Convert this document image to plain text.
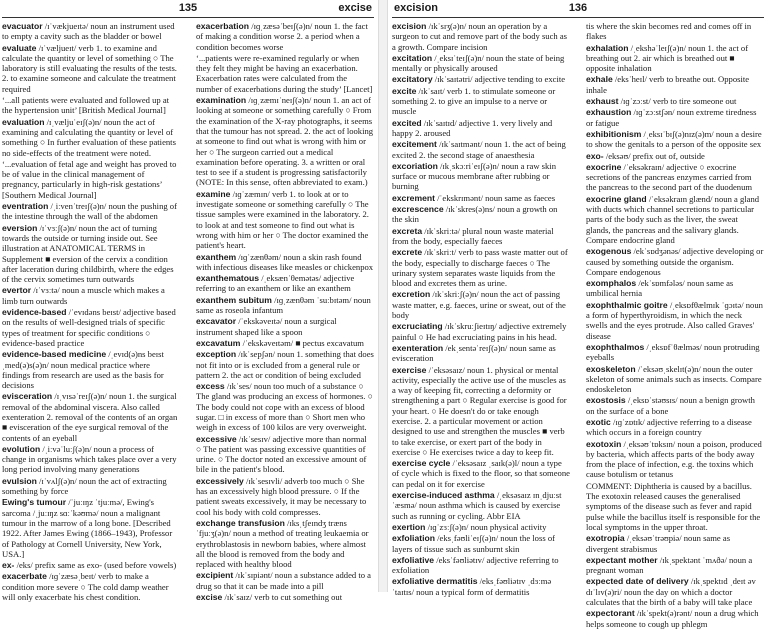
135	excise

evacuator /ɪˈvækjueɪtə/ noun an instrument used to empty a cavity such as the bladder or bowel

evaluate /ɪˈvæljueɪt/ verb 1. to examine and calculate the quantity or level of something ○ The laboratory is still evaluating the results of the tests. 2. to examine someone and calculate the treatment required

‘...all patients were evaluated and followed up at the hypertension unit’ [British Medical Journal]

evaluation /ɪˌvæljuˈeɪʃ(ə)n/ noun the act of examining and calculating the quantity or level of something ○ In further evaluation of these patients no side-effects of the treatment were noted.

‘...evaluation of fetal age and weight has proved to be of value in the clinical management of pregnancy, particularly in high-risk gestations’ [Southern Medical Journal]

eventration /ˌiːvenˈtreɪʃ(ə)n/ noun the pushing of the intestine through the wall of the abdomen

eversion /ɪˈvɜːʃ(ə)n/ noun the act of turning towards the outside or turning inside out. See illustration at ANATOMICAL TERMS in Supplement ■ eversion of the cervix a condition after laceration during childbirth, where the edges of the cervix sometimes turn outwards

evertor /ɪˈvɜːtə/ noun a muscle which makes a limb turn outwards

evidence-based /ˈevɪdəns beɪst/ adjective based on the results of well-designed trials of specific types of treatment for specific conditions ○ evidence-based practice

evidence-based medicine /ˌevɪd(ə)ns beɪst ˌmed(ə)s(ə)n/ noun medical practice where findings from research are used as the basis for decisions

evisceration /ɪˌvɪsəˈreɪʃ(ə)n/ noun 1. the surgical removal of the abdominal viscera. Also called exenteration 2. removal of the contents of an organ ■ evisceration of the eye surgical removal of the contents of an eyeball

evolution /ˌiːvəˈluːʃ(ə)n/ noun a process of change in organisms which takes place over a very long period involving many generations

evulsion /ɪˈvʌlʃ(ə)n/ noun the act of extracting something by force

Ewing's tumour /ˈjuːɪŋz ˈtjuːmə/, Ewing's sarcoma /ˌjuːɪŋz sɑːˈkəʊmə/ noun a malignant tumour in the marrow of a long bone. [Described 1922. After James Ewing (1866–1943), Professor of Pathology at Cornell University, New York, USA.]

ex- /eks/ prefix same as exo- (used before vowels)

exacerbate /ɪɡˈzæsəˌbeɪt/ verb to make a condition more severe ○ The cold damp weather will only exacerbate his chest condition.

exacerbation /ɪɡˌzæsəˈbeɪʃ(ə)n/ noun 1. the fact of making a condition worse 2. a period when a condition becomes worse

‘...patients were re-examined regularly or when they felt they might be having an exacerbation. Exacerbation rates were calculated from the number of exacerbations during the study’ [Lancet]

examination /ɪɡˌzæmɪˈneɪʃ(ə)n/ noun 1. an act of looking at someone or something carefully ○ From the examination of the X-ray photographs, it seems that the tumour has not spread. 2. the act of looking at someone to find out what is wrong with him or her ○ The surgeon carried out a medical examination before operating. 3. a written or oral test to see if a student is progressing satisfactorily (NOTE: In this sense, often abbreviated to exam.)

examine /ɪɡˈzæmɪn/ verb 1. to look at or to investigate someone or something carefully ○ The tissue samples were examined in the laboratory. 2. to look at and test someone to find out what is wrong with him or her ○ The doctor examined the patient's heart.

exanthem /ɪɡˈzænθəm/ noun a skin rash found with infectious diseases like measles or chickenpox

exanthematous /ˌeksænˈθemətəs/ adjective referring to an exanthem or like an exanthem

exanthem subitum /ɪɡˌzænθəm ˈsuːbɪtəm/ noun same as roseola infantum

excavator /ˈekskəveɪtə/ noun a surgical instrument shaped like a spoon

excavatum /ˈekskəveɪtəm/ ■ pectus excavatum

exception /ɪkˈsepʃən/ noun 1. something that does not fit into or is excluded from a general rule or pattern 2. the act or condition of being excluded

excess /ɪkˈses/ noun too much of a substance ○ The gland was producing an excess of hormones. ○ The body could not cope with an excess of blood sugar. □ in excess of more than ○ Short men who weigh in excess of 100 kilos are very overweight.

excessive /ɪkˈsesɪv/ adjective more than normal ○ The patient was passing excessive quantities of urine. ○ The doctor noted an excessive amount of bile in the patient's blood.

excessively /ɪkˈsesɪvli/ adverb too much ○ She has an excessively high blood pressure. ○ If the patient sweats excessively, it may be necessary to cool his body with cold compresses.

exchange transfusion /ɪksˌtʃeɪndʒ trænsˈfjuːʒ(ə)n/ noun a method of treating leukaemia or erythroblastosis in newborn babies, where almost all the blood is removed from the body and replaced with healthy blood

excipient /ɪkˈsɪpiənt/ noun a substance added to a drug so that it can be made into a pill

excise /ɪkˈsaɪz/ verb to cut something out

excision	136

excision /ɪkˈsɪʒ(ə)n/ noun an operation by a surgeon to cut and remove part of the body such as a growth. Compare incision

excitation /ˌeksɪˈteɪʃ(ə)n/ noun the state of being mentally or physically aroused

excitatory /ɪkˈsaɪtətri/ adjective tending to excite

excite /ɪkˈsaɪt/ verb 1. to stimulate someone or something 2. to give an impulse to a nerve or muscle

excited /ɪkˈsaɪtɪd/ adjective 1. very lively and happy 2. aroused

excitement /ɪkˈsaɪtmənt/ noun 1. the act of being excited 2. the second stage of anaesthesia

excoriation /ɪkˌskɔːriˈeɪʃ(ə)n/ noun a raw skin surface or mucous membrane after rubbing or burning

excrement /ˈekskrɪmənt/ noun same as faeces

excrescence /ɪkˈskres(ə)ns/ noun a growth on the skin

excreta /ɪkˈskriːtə/ plural noun waste material from the body, especially faeces

excrete /ɪkˈskriːt/ verb to pass waste matter out of the body, especially to discharge faeces ○ The urinary system separates waste liquids from the blood and excretes them as urine.

excretion /ɪkˈskriːʃ(ə)n/ noun the act of passing waste matter, e.g. faeces, urine or sweat, out of the body

excruciating /ɪkˈskruːʃieɪtɪŋ/ adjective extremely painful ○ He had excruciating pains in his head.

exenteration /ekˌsentəˈreɪʃ(ə)n/ noun same as evisceration

exercise /ˈeksəsaɪz/ noun 1. physical or mental activity, especially the active use of the muscles as a way of keeping fit, correcting a deformity or strengthening a part ○ Regular exercise is good for your heart. ○ He doesn't do or take enough exercise. 2. a particular movement or action designed to use and strengthen the muscles ■ verb to take exercise, or exert part of the body in exercise ○ He exercises twice a day to keep fit.

exercise cycle /ˈeksəsaɪz ˌsaɪk(ə)l/ noun a type of cycle which is fixed to the floor, so that someone can pedal on it for exercise

exercise-induced asthma /ˌeksəsaɪz ɪnˌdjuːst ˈæsmə/ noun asthma which is caused by exercise such as running or cycling. Abbr EIA

exertion /ɪɡˈzɜːʃ(ə)n/ noun physical activity

exfoliation /eksˌfəʊliˈeɪʃ(ə)n/ noun the loss of layers of tissue such as sunburnt skin

exfoliative /eksˈfəʊliətɪv/ adjective referring to exfoliation

exfoliative dermatitis /eksˌfəʊliətɪv ˌdɜːməˈtaɪtɪs/ noun a typical form of dermatitis

tis where the skin becomes red and comes off in flakes

exhalation /ˌekshəˈleɪʃ(ə)n/ noun 1. the act of breathing out 2. air which is breathed out ■ opposite inhalation

exhale /eksˈheɪl/ verb to breathe out. Opposite inhale

exhaust /ɪɡˈzɔːst/ verb to tire someone out

exhaustion /ɪɡˈzɔːstʃən/ noun extreme tiredness or fatigue

exhibitionism /ˌeksɪˈbɪʃ(ə)nɪz(ə)m/ noun a desire to show the genitals to a person of the opposite sex

exo- /eksəʊ/ prefix out of, outside

exocrine /ˈeksəkraɪn/ adjective ○ exocrine secretions of the pancreas enzymes carried from the pancreas to the second part of the duodenum

exocrine gland /ˈeksəkraɪn glænd/ noun a gland with ducts which channel secretions to particular parts of the body such as the liver, the sweat glands, the pancreas and the salivary glands. Compare endocrine gland

exogenous /ekˈsɒdʒənəs/ adjective developing or caused by something outside the organism. Compare endogenous

exomphalos /ekˈsɒmfələs/ noun same as umbilical hernia

exophthalmic goitre /ˌeksɒfθælmɪk ˈɡɔɪtə/ noun a form of hyperthyroidism, in which the neck swells and the eyes protrude. Also called Graves' disease

exophthalmos /ˌeksɒfˈθælməs/ noun protruding eyeballs

exoskeleton /ˈeksəʊˌskelɪt(ə)n/ noun the outer skeleton of some animals such as insects. Compare endoskeleton

exostosis /ˌeksɒˈstəʊsɪs/ noun a benign growth on the surface of a bone

exotic /ɪɡˈzɒtɪk/ adjective referring to a disease which occurs in a foreign country

exotoxin /ˌeksəʊˈtɒksɪn/ noun a poison, produced by bacteria, which affects parts of the body away from the place of infection, e.g. the toxins which cause botulism or tetanus

COMMENT: Diphtheria is caused by a bacillus. The exotoxin released causes the generalised symptoms of the disease such as fever and rapid pulse while the bacillus itself is responsible for the local symptoms in the upper throat.

exotropia /ˌeksəʊˈtrəʊpiə/ noun same as divergent strabismus

expectant mother /ɪkˌspektənt ˈmʌðə/ noun a pregnant woman

expected date of delivery /ɪkˌspektɪd ˌdeɪt əv dɪˈlɪv(ə)ri/ noun the day on which a doctor calculates that the birth of a baby will take place

expectorant /ɪkˈspekt(ə)rənt/ noun a drug which helps someone to cough up phlegm
